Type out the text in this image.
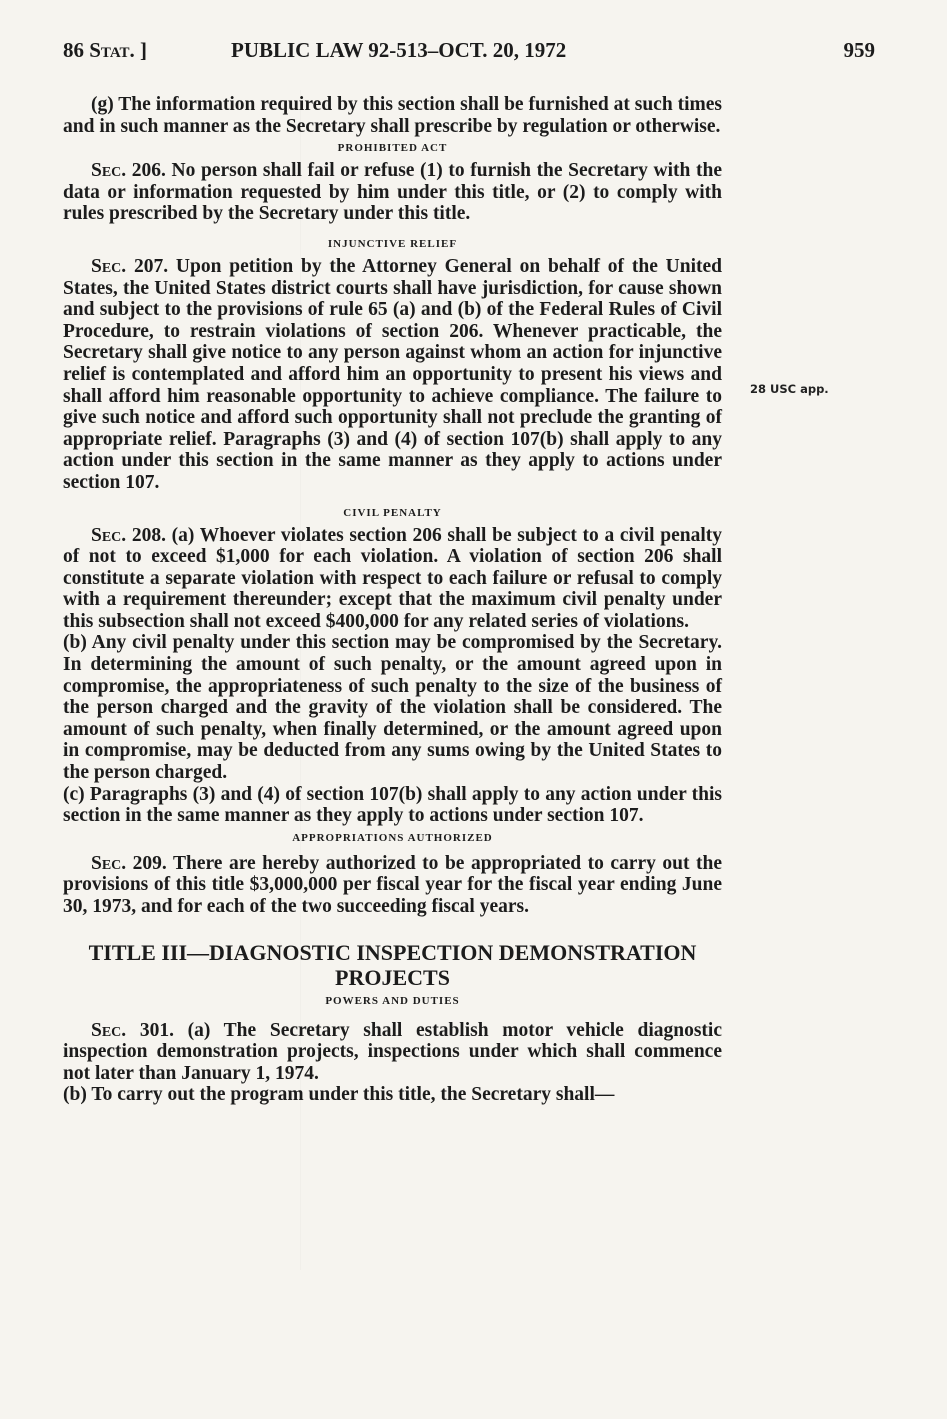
86 Stat. ]	PUBLIC LAW 92-513–OCT. 20, 1972	959
28 USC app.

(g) The information required by this section shall be furnished at such times and in such manner as the Secretary shall prescribe by regulation or otherwise.

PROHIBITED ACT

Sec. 206. No person shall fail or refuse (1) to furnish the Secretary with the data or information requested by him under this title, or (2) to comply with rules prescribed by the Secretary under this title.

INJUNCTIVE RELIEF

Sec. 207. Upon petition by the Attorney General on behalf of the United States, the United States district courts shall have jurisdiction, for cause shown and subject to the provisions of rule 65 (a) and (b) of the Federal Rules of Civil Procedure, to restrain violations of section 206. Whenever practicable, the Secretary shall give notice to any person against whom an action for injunctive relief is contemplated and afford him an opportunity to present his views and shall afford him reasonable opportunity to achieve compliance. The failure to give such notice and afford such opportunity shall not preclude the granting of appropriate relief. Paragraphs (3) and (4) of section 107(b) shall apply to any action under this section in the same manner as they apply to actions under section 107.

CIVIL PENALTY

Sec. 208. (a) Whoever violates section 206 shall be subject to a civil penalty of not to exceed $1,000 for each violation. A violation of section 206 shall constitute a separate violation with respect to each failure or refusal to comply with a requirement thereunder; except that the maximum civil penalty under this subsection shall not exceed $400,000 for any related series of violations.

(b) Any civil penalty under this section may be compromised by the Secretary. In determining the amount of such penalty, or the amount agreed upon in compromise, the appropriateness of such penalty to the size of the business of the person charged and the gravity of the violation shall be considered. The amount of such penalty, when finally determined, or the amount agreed upon in compromise, may be deducted from any sums owing by the United States to the person charged.

(c) Paragraphs (3) and (4) of section 107(b) shall apply to any action under this section in the same manner as they apply to actions under section 107.

APPROPRIATIONS AUTHORIZED

Sec. 209. There are hereby authorized to be appropriated to carry out the provisions of this title $3,000,000 per fiscal year for the fiscal year ending June 30, 1973, and for each of the two succeeding fiscal years.

TITLE III—DIAGNOSTIC INSPECTION DEMONSTRATION PROJECTS
POWERS AND DUTIES

Sec. 301. (a) The Secretary shall establish motor vehicle diagnostic inspection demonstration projects, inspections under which shall commence not later than January 1, 1974.

(b) To carry out the program under this title, the Secretary shall—
